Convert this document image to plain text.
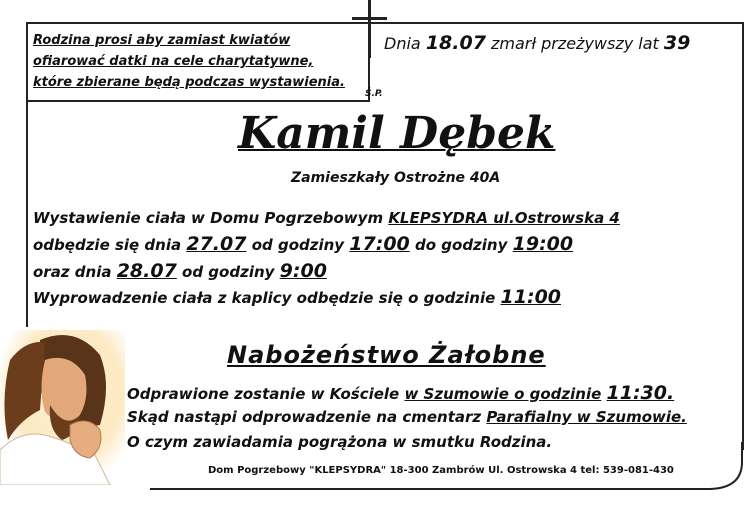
Rodzina prosi aby zamiast kwiatów
ofiarować datki na cele charytatywne,
które zbierane będą podczas wystawienia.
Dnia 18.07 zmarł przeżywszy lat 39
Ś.P.
Kamil Dębek
Zamieszkały Ostrożne 40A
Wystawienie ciała w Domu Pogrzebowym KLEPSYDRA ul.Ostrowska 4
odbędzie się dnia 27.07 od godziny 17:00 do godziny 19:00
oraz dnia 28.07 od godziny 9:00
Wyprowadzenie ciała z kaplicy odbędzie się o godzinie 11:00
Nabożeństwo Żałobne
Odprawione zostanie w Kościele w Szumowie o godzinie 11:30.
Skąd nastąpi odprowadzenie na cmentarz Parafialny w Szumowie.
O czym zawiadamia pogrążona w smutku Rodzina.
Dom Pogrzebowy "KLEPSYDRA" 18-300 Zambrów Ul. Ostrowska 4 tel: 539-081-430
